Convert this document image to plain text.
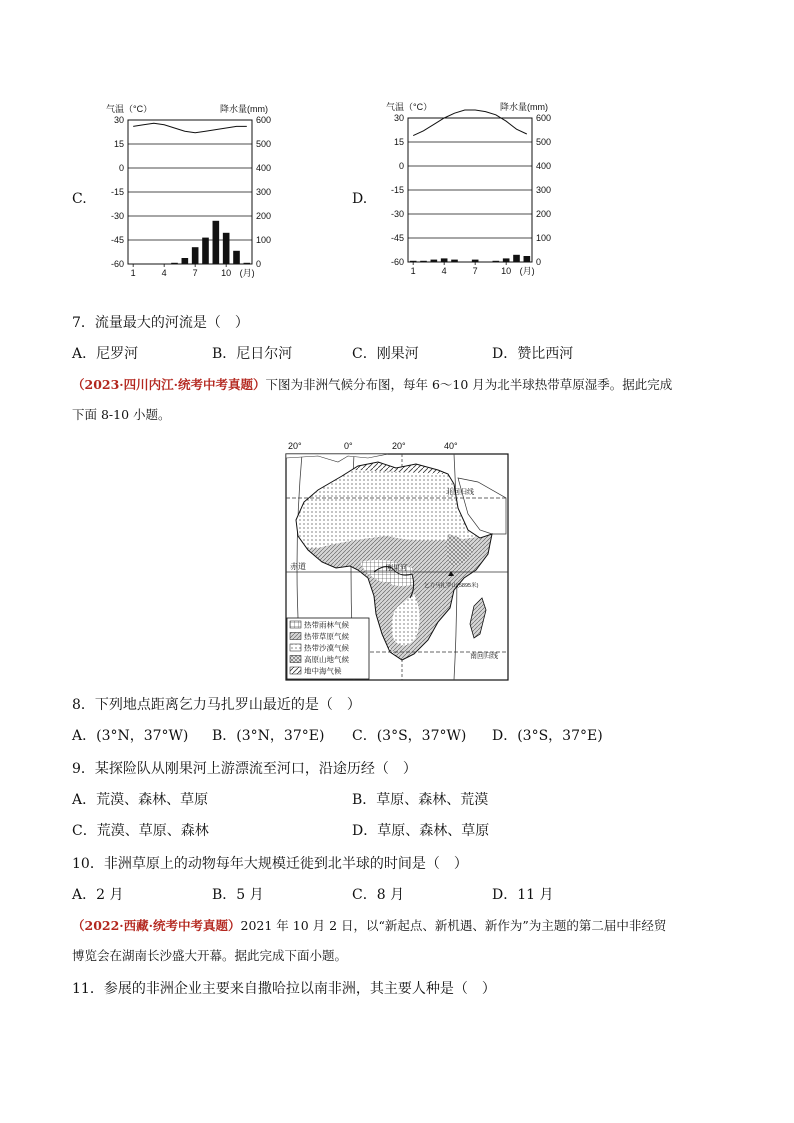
C.
气温（°C）	降水量(mm)
30
15
0
-15
-30
-45
-60
600
500
400
300
200
100
0
1	4	7	10 (月)
D.
气温（°C）	降水量(mm)
30
15
0
-15
-30
-45
-60
600
500
400
300
200
100
0
1	4	7	10 (月)
7．流量最大的河流是（　）
A．尼罗河	B．尼日尔河	C．刚果河	D．赞比西河
（2023·四川内江·统考中考真题）下图为非洲气候分布图，每年 6～10 月为北半球热带草原湿季。据此完成
下面 8-10 小题。
20°	0°	20°	40°
北回归线
赤道
南回归线
刚果河
乞力马扎罗山(5895米)
热带雨林气候
热带草原气候
热带沙漠气候
高原山地气候
地中海气候
8．下列地点距离乞力马扎罗山最近的是（　）
A．(3°N，37°W) B．(3°N，37°E) C．(3°S，37°W) D．(3°S，37°E)
9．某探险队从刚果河上游漂流至河口，沿途历经（　）
A．荒漠、森林、草原	B．草原、森林、荒漠
C．荒漠、草原、森林	D．草原、森林、草原
10．非洲草原上的动物每年大规模迁徙到北半球的时间是（　）
A．2 月	B．5 月	C．8 月	D．11 月
（2022·西藏·统考中考真题）2021 年 10 月 2 日，以“新起点、新机遇、新作为”为主题的第二届中非经贸
博览会在湖南长沙盛大开幕。据此完成下面小题。
11．参展的非洲企业主要来自撒哈拉以南非洲，其主要人种是（　）
